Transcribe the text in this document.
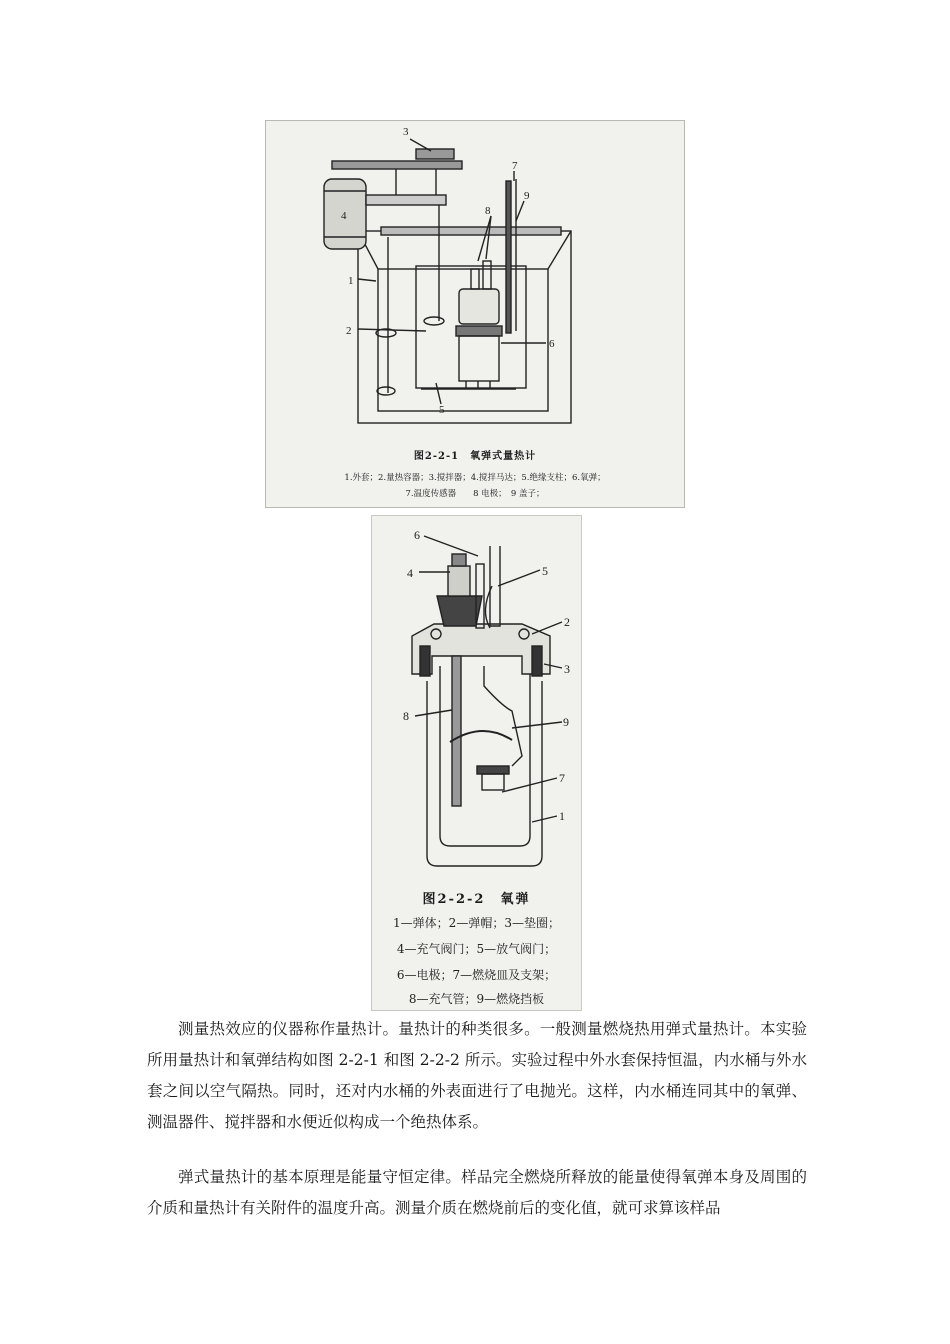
1
2
3
4
5
6
7
8
9
图2-2-1　氧弹式量热计
1.外套；2.量热容器；3.搅拌器；4.搅拌马达；5.绝缘支柱；6.氧弹；
7.温度传感器　　8 电极；　9 盖子；
6
4	5
2
3
8	9
7
1
图2-2-2　氧弹
1—弹体；2—弹帽；3—垫圈；
4—充气阀门；5—放气阀门；
6—电极；7—燃烧皿及支架；
8—充气管；9—燃烧挡板

测量热效应的仪器称作量热计。量热计的种类很多。一般测量燃烧热用弹式量热计。本实验所用量热计和氧弹结构如图 2-2-1 和图 2-2-2 所示。实验过程中外水套保持恒温，内水桶与外水套之间以空气隔热。同时，还对内水桶的外表面进行了电抛光。这样，内水桶连同其中的氧弹、测温器件、搅拌器和水便近似构成一个绝热体系。

弹式量热计的基本原理是能量守恒定律。样品完全燃烧所释放的能量使得氧弹本身及周围的介质和量热计有关附件的温度升高。测量介质在燃烧前后的变化值，就可求算该样品
